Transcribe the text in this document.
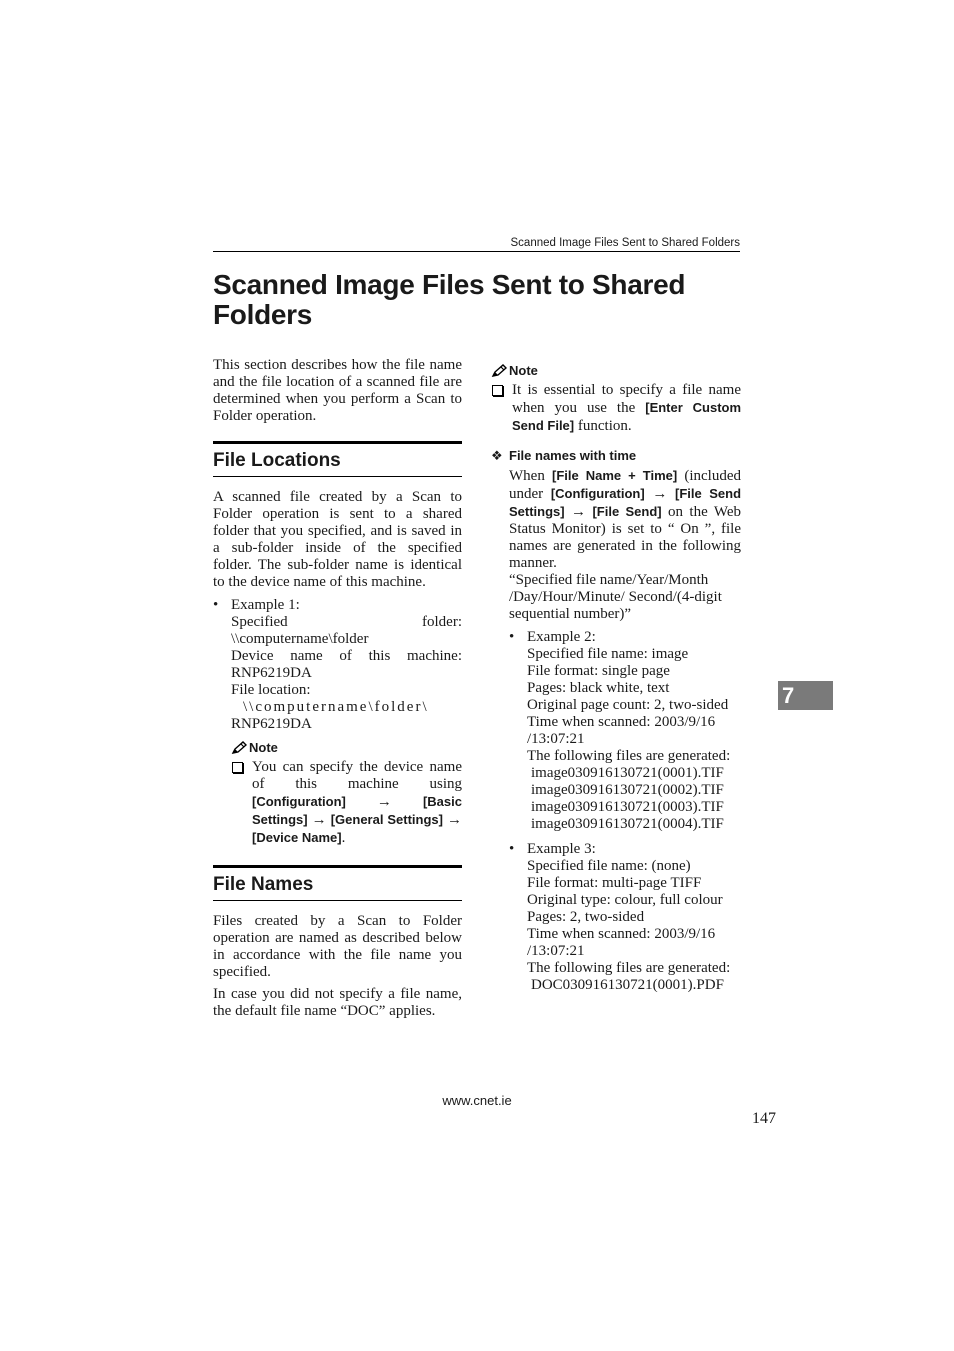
Scanned Image Files Sent to Shared Folders
Scanned Image Files Sent to Shared Folders

This section describes how the file name and the file location of a scanned file are determined when you perform a Scan to Folder operation.

File Locations

A scanned file created by a Scan to Folder operation is sent to a shared folder that you specified, and is saved in a sub-folder inside of the specified folder. The sub-folder name is identical to the device name of this machine.

• Example 1:
Specified folder: \\computername\folder
Device name of this machine: RNP6219DA
File location:
\\computername\folder\
RNP6219DA
Note
You can specify the device name of this machine using [Configuration] → [Basic Settings] → [General Settings] → [Device Name].
File Names

Files created by a Scan to Folder operation are named as described below in accordance with the file name you specified.

In case you did not specify a file name, the default file name “DOC” applies.

Note
It is essential to specify a file name when you use the [Enter Custom Send File] function.
❖ File names with time
When [File Name + Time] (included under [Configuration] → [File Send Settings] → [File Send] on the Web Status Monitor) is set to “ On ”, file names are generated in the following manner.
“Specified file name/Year/Month /Day/Hour/Minute/ Second/(4-digit sequential number)”
• Example 2:
Specified file name: image
File format: single page
Pages: black white, text
Original page count: 2, two-sided
Time when scanned: 2003/9/16 /13:07:21
The following files are generated:
image030916130721(0001).TIF
image030916130721(0002).TIF
image030916130721(0003).TIF
image030916130721(0004).TIF
• Example 3:
Specified file name: (none)
File format: multi-page TIFF
Original type: colour, full colour
Pages: 2, two-sided
Time when scanned: 2003/9/16 /13:07:21
The following files are generated:
DOC030916130721(0001).PDF
7
www.cnet.ie
147
